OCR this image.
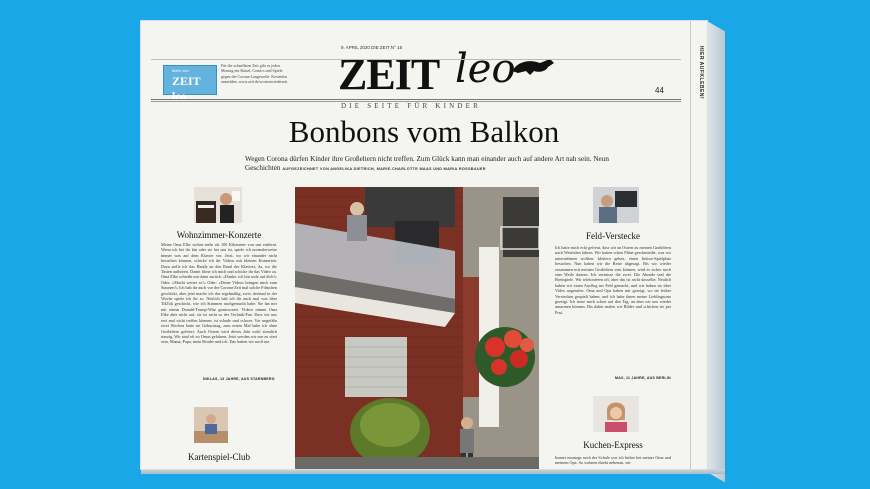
HIER AUFKLEBEN!
Mehr von
ZEIT leo
Für die schnellsten Zeit gibt es jeden Montag ein Rätsel, Comics und Spiele gegen die Corona-Langeweile. Kostenlos anmelden: www.zeit.de/wortenwiederzeit
9. APRIL 2020 DIE ZEIT N° 16
ZEIT leo
DIE SEITE FÜR KINDER
44
Bonbons vom Balkon
Wegen Corona dürfen Kinder ihre Großeltern nicht treffen. Zum Glück kann man einander auch auf andere Art nah sein. Neun Geschichten AUFGEZEICHNET VON ANGELIKA DIETRICH, MARIE-CHARLOTTE MAAS UND MARIA ROSSBAUER
Wohnzimmer-Konzerte
Meine Oma Elke wohnt mehr als 100 Kilometer von uns entfernt. Wenn ich bei ihr bin oder sie bei uns ist, spiele ich normalerweise immer was auf dem Klavier vor. Jetzt, wo wir einander nicht besuchen können, schicke ich ihr Videos mit kleinen Konzerten. Dazu stelle ich das Handy an den Rand des Klaviers, da, wo die Tasten aufhören. Damit filme ich mich und schicke ihr das Video zu. Oma Elke schreibt mir dann zurück: »Danke, ich bin stolz auf dich!« Oder: »Macht weiter so!« Oder: »Deine Videos bringen mich zum Staunen!« Ich hab ihr auch vor der Corona-Zeit mal solche Filmchen geschickt, aber jetzt mache ich das regelmäßig, zwei, dreimal in der Woche spiele ich ihr so. Neulich hab ich ihr auch mal was über TikTok geschickt, wie ich Stimmen nachgemacht habe. Sie hat mir mit einem Donald-Trump-Witz geantwortet. Videos nimmt Oma Elke aber nicht auf, sie ist nicht so der Technik-Fan. Dass wir uns erst mal nicht treffen können, ist schade und schwer. Vor ungefähr zwei Wochen hatte sie Geburtstag, zum ersten Mal habe ich ohne Großeltern gefeiert. Auch Ostern wird dieses Jahr wohl ziemlich traurig. Wir sind oft zu Omas gefahren. Jetzt werden wir nur zu viert sein, Mama, Papa, mein Bruder und ich. Das hatten wir noch nie.
NIKLAS, 13 JAHRE, AUS STARNBERG
Kartenspiel-Club
Feld-Verstecke
Ich hatte mich echt gefreut, dass wir an Ostern zu meinen Großeltern nach Westfalen fahren. Wir hatten schon Pläne geschmiedet, was wir unternehmen wollten: klettern gehen, einen Indoor-Spielplatz besuchen. Nun haben wir die Reise abgesagt. Bis wir wieder zusammen mit meinen Großeltern sein können, wird es sicher noch eine Weile dauern. Ich vermisse die zwei. Die Abende und die Brettspiele. Wir telefonieren oft, aber das ist nicht dasselbe. Neulich haben wir einen Ausflug ins Feld gemacht, und wir haben sie über Video angerufen. Oma und Opa haben mir gezeigt, wo sie früher Verstecken gespielt haben, und ich habe ihnen meine Lieblingsorte gezeigt. Ich freue mich schon auf den Tag, an dem wir uns wieder umarmen können. Bis dahin malen wir Bilder und schicken sie per Post.
MAX, 11 JAHRE, AUS BERLIN
Kuchen-Express
Immer montags nach der Schule war ich bisher bei meiner Oma und meinem Opa. So wohnen direkt nebenan, wir
